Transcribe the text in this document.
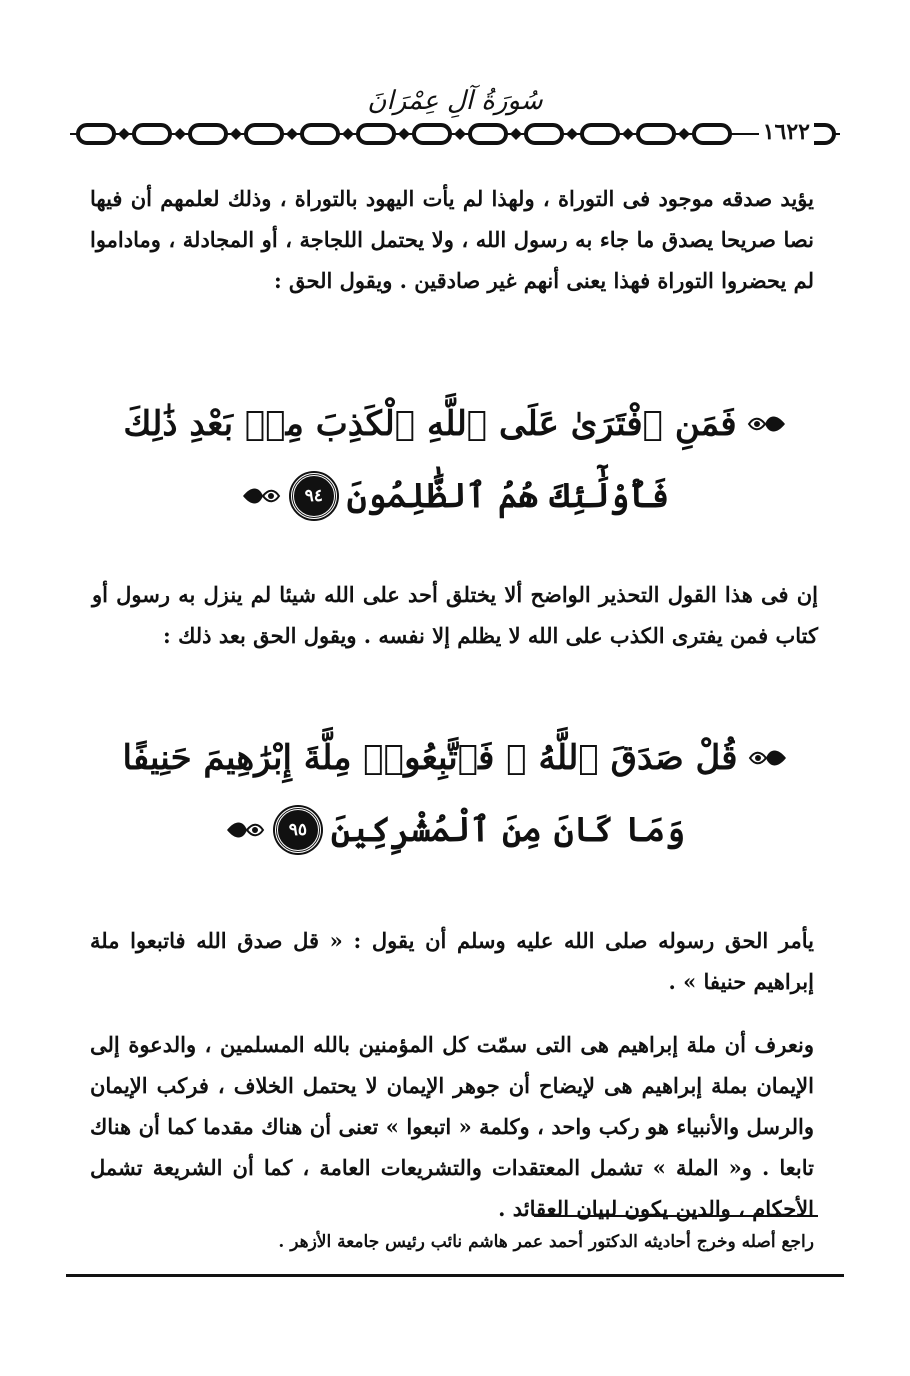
سُورَةُ آلِ عِمْرَانَ
١٦٢٢

يؤيد صدقه موجود فى التوراة ، ولهذا لم يأت اليهود بالتوراة ، وذلك لعلمهم أن فيها نصا صريحا يصدق ما جاء به رسول الله ، ولا يحتمل اللجاجة ، أو المجادلة ، وماداموا لم يحضروا التوراة فهذا يعنى أنهم غير صادقين . ويقول الحق :

فَمَنِ ٱفْتَرَىٰ عَلَى ٱللَّهِ ٱلْكَذِبَ مِنۢ بَعْدِ ذَٰلِكَ
فَأُوْلَٰٓئِكَ هُمُ ٱلظَّٰلِمُونَ
٩٤

إن فى هذا القول التحذير الواضح ألا يختلق أحد على الله شيئا لم ينزل به رسول أو كتاب فمن يفترى الكذب على الله لا يظلم إلا نفسه . ويقول الحق بعد ذلك :

قُلْ صَدَقَ ٱللَّهُ ۗ فَٱتَّبِعُوا۟ مِلَّةَ إِبْرَٰهِيمَ حَنِيفًا
وَمَا كَانَ مِنَ ٱلْمُشْرِكِينَ
٩٥

يأمر الحق رسوله صلى الله عليه وسلم أن يقول : « قل صدق الله فاتبعوا ملة إبراهيم حنيفا » .

ونعرف أن ملة إبراهيم هى التى سمّت كل المؤمنين بالله المسلمين ، والدعوة إلى الإيمان بملة إبراهيم هى لإيضاح أن جوهر الإيمان لا يحتمل الخلاف ، فركب الإيمان والرسل والأنبياء هو ركب واحد ، وكلمة « اتبعوا » تعنى أن هناك مقدما كما أن هناك تابعا . و« الملة » تشمل المعتقدات والتشريعات العامة ، كما أن الشريعة تشمل الأحكام ، والدين يكون لبيان العقائد .

راجع أصله وخرج أحاديثه الدكتور أحمد عمر هاشم نائب رئيس جامعة الأزهر .
